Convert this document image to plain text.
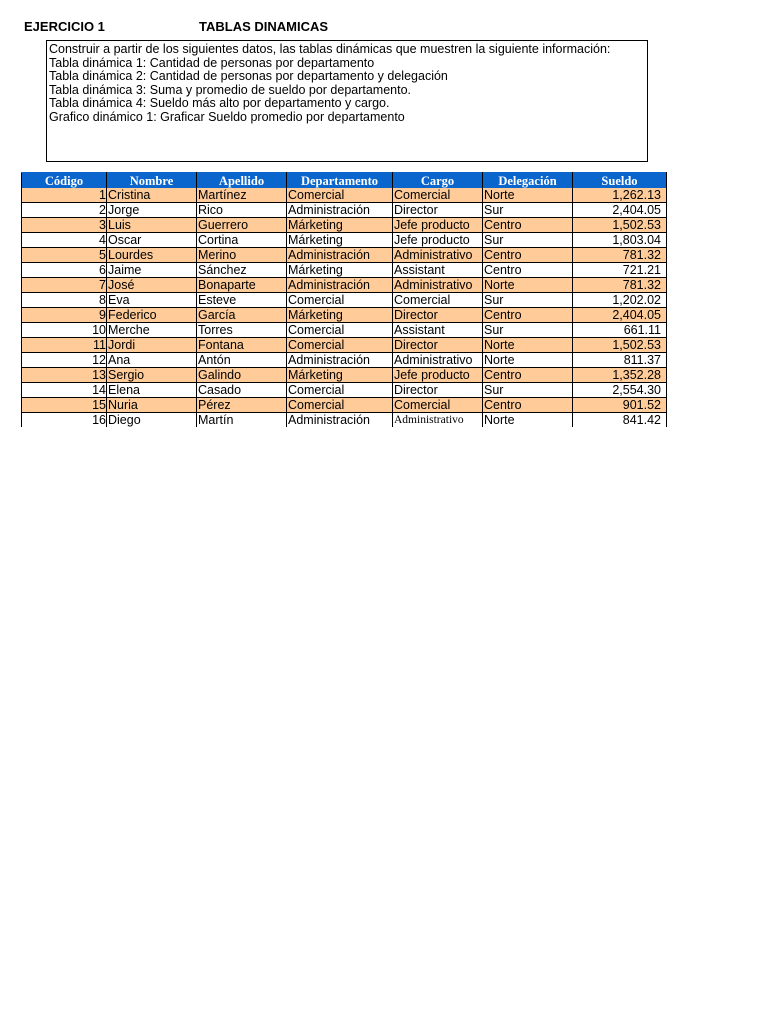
EJERCICIO 1	TABLAS DINAMICAS
Construir a partir de los siguientes datos, las tablas dinámicas que muestren la siguiente información:
Tabla dinámica 1: Cantidad de personas por departamento
Tabla dinámica 2: Cantidad de personas por departamento y delegación
Tabla dinámica 3: Suma y promedio de sueldo por departamento.
Tabla dinámica 4: Sueldo más alto por departamento y cargo.
Grafico dinámico 1: Graficar Sueldo promedio por departamento
Código	Nombre	Apellido	Departamento	Cargo	Delegación	Sueldo
1	Cristina	Martínez	Comercial	Comercial	Norte	1,262.13
2	Jorge	Rico	Administración	Director	Sur	2,404.05
3	Luis	Guerrero	Márketing	Jefe producto	Centro	1,502.53
4	Oscar	Cortina	Márketing	Jefe producto	Sur	1,803.04
5	Lourdes	Merino	Administración	Administrativo	Centro	781.32
6	Jaime	Sánchez	Márketing	Assistant	Centro	721.21
7	José	Bonaparte	Administración	Administrativo	Norte	781.32
8	Eva	Esteve	Comercial	Comercial	Sur	1,202.02
9	Federico	García	Márketing	Director	Centro	2,404.05
10	Merche	Torres	Comercial	Assistant	Sur	661.11
11	Jordi	Fontana	Comercial	Director	Norte	1,502.53
12	Ana	Antón	Administración	Administrativo	Norte	811.37
13	Sergio	Galindo	Márketing	Jefe producto	Centro	1,352.28
14	Elena	Casado	Comercial	Director	Sur	2,554.30
15	Nuria	Pérez	Comercial	Comercial	Centro	901.52
16	Diego	Martín	Administración	Administrativo	Norte	841.42
